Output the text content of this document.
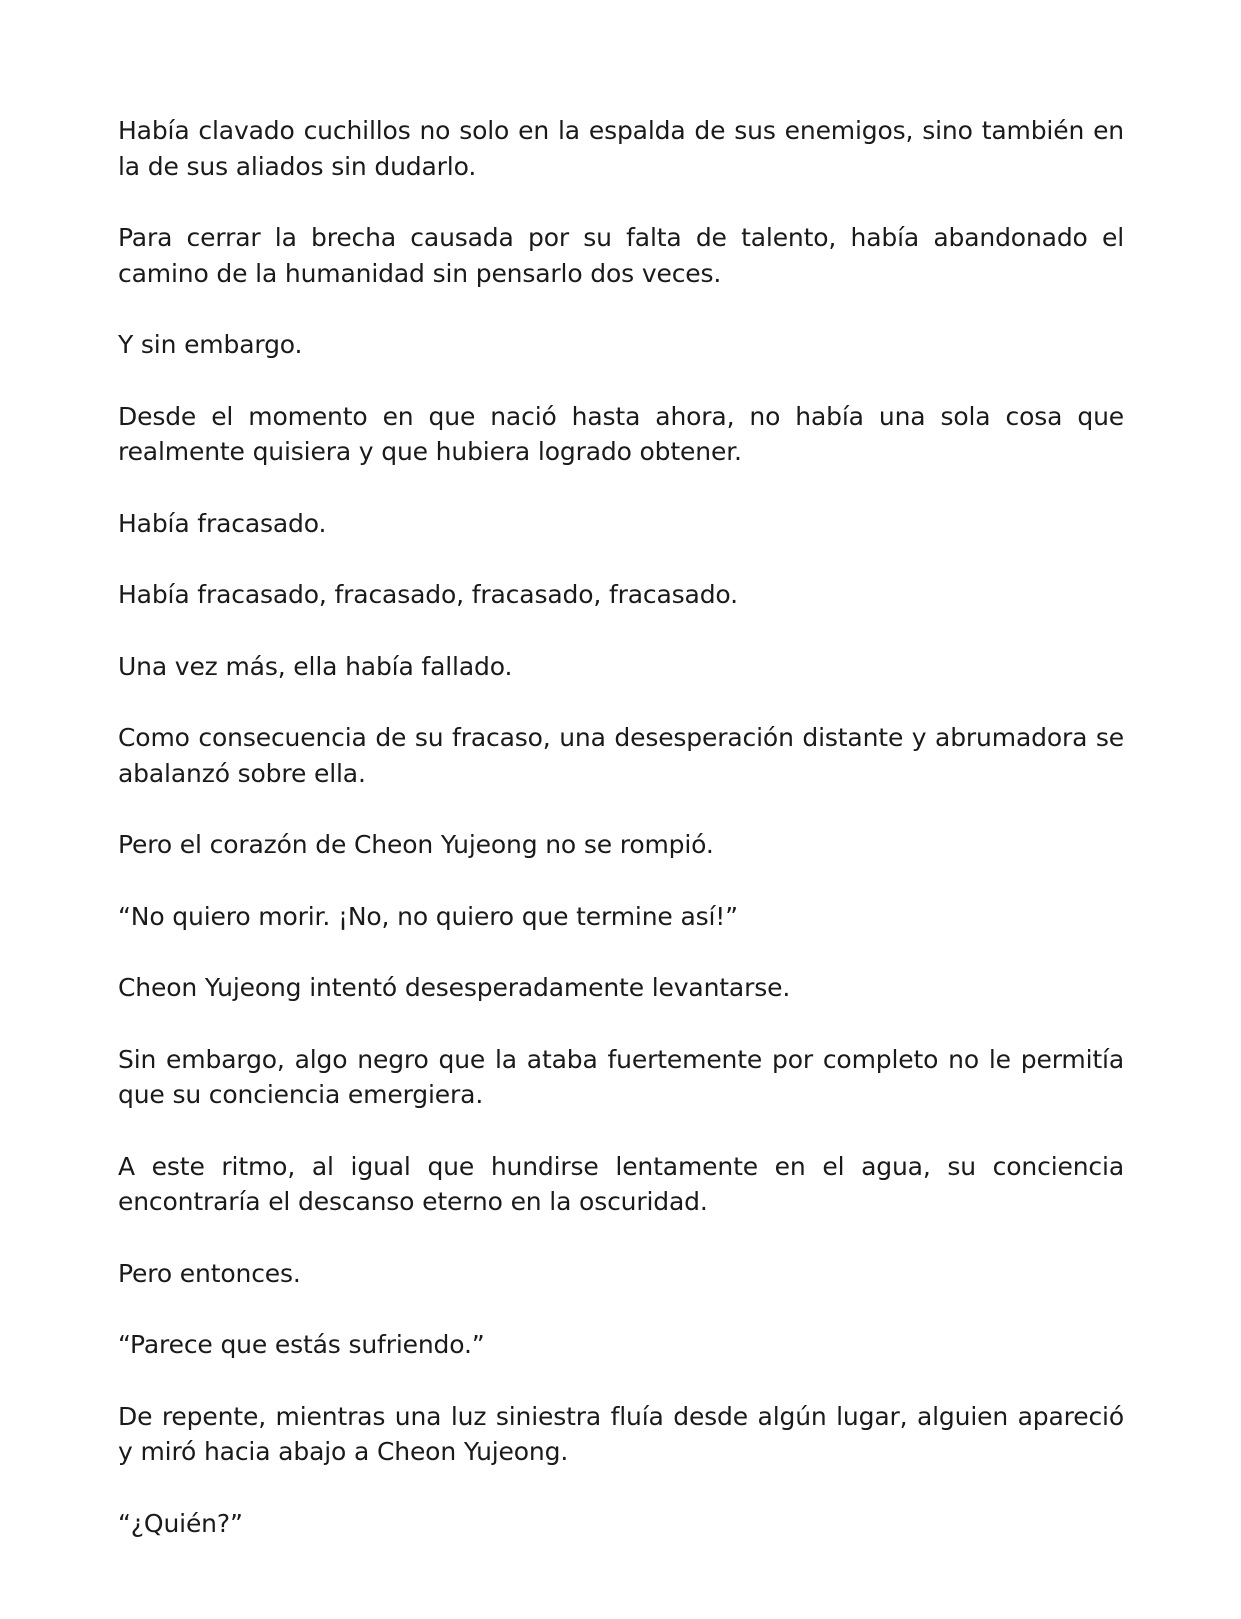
Había clavado cuchillos no solo en la espalda de sus enemigos, sino también en la de sus aliados sin dudarlo.

Para cerrar la brecha causada por su falta de talento, había abandonado el camino de la humanidad sin pensarlo dos veces.

Y sin embargo.

Desde el momento en que nació hasta ahora, no había una sola cosa que realmente quisiera y que hubiera logrado obtener.

Había fracasado.

Había fracasado, fracasado, fracasado, fracasado.

Una vez más, ella había fallado.

Como consecuencia de su fracaso, una desesperación distante y abrumadora se abalanzó sobre ella.

Pero el corazón de Cheon Yujeong no se rompió.

“No quiero morir. ¡No, no quiero que termine así!”

Cheon Yujeong intentó desesperadamente levantarse.

Sin embargo, algo negro que la ataba fuertemente por completo no le permitía que su conciencia emergiera.

A este ritmo, al igual que hundirse lentamente en el agua, su conciencia encontraría el descanso eterno en la oscuridad.

Pero entonces.

“Parece que estás sufriendo.”

De repente, mientras una luz siniestra fluía desde algún lugar, alguien apareció y miró hacia abajo a Cheon Yujeong.

“¿Quién?”
